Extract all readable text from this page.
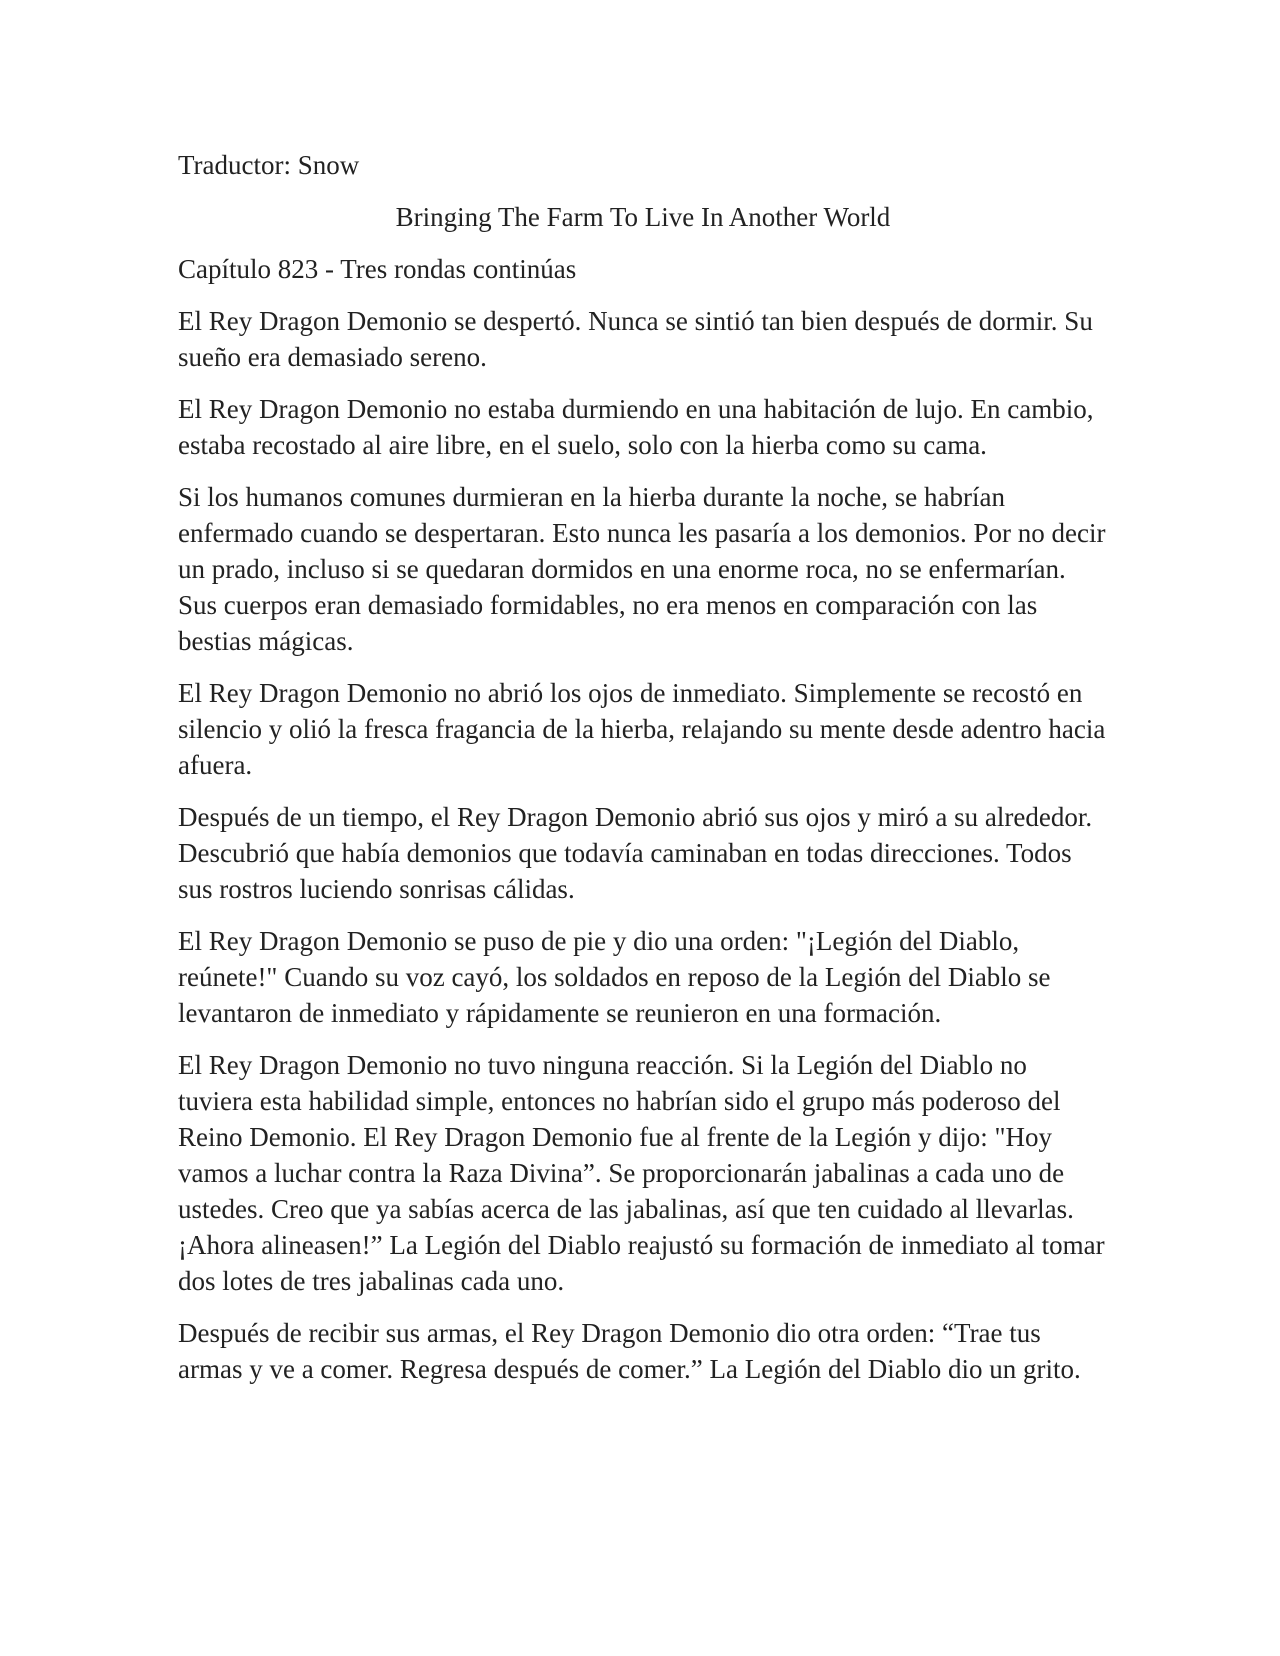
Traductor: Snow

Bringing The Farm To Live In Another World

Capítulo 823 - Tres rondas continúas

El Rey Dragon Demonio se despertó. Nunca se sintió tan bien después de dormir. Su sueño era demasiado sereno.

El Rey Dragon Demonio no estaba durmiendo en una habitación de lujo. En cambio, estaba recostado al aire libre, en el suelo, solo con la hierba como su cama.

Si los humanos comunes durmieran en la hierba durante la noche, se habrían enfermado cuando se despertaran. Esto nunca les pasaría a los demonios. Por no decir un prado, incluso si se quedaran dormidos en una enorme roca, no se enfermarían. Sus cuerpos eran demasiado formidables, no era menos en comparación con las bestias mágicas.

El Rey Dragon Demonio no abrió los ojos de inmediato. Simplemente se recostó en silencio y olió la fresca fragancia de la hierba, relajando su mente desde adentro hacia afuera.

Después de un tiempo, el Rey Dragon Demonio abrió sus ojos y miró a su alrededor. Descubrió que había demonios que todavía caminaban en todas direcciones. Todos sus rostros luciendo sonrisas cálidas.

El Rey Dragon Demonio se puso de pie y dio una orden: "¡Legión del Diablo, reúnete!" Cuando su voz cayó, los soldados en reposo de la Legión del Diablo se levantaron de inmediato y rápidamente se reunieron en una formación.

El Rey Dragon Demonio no tuvo ninguna reacción. Si la Legión del Diablo no tuviera esta habilidad simple, entonces no habrían sido el grupo más poderoso del Reino Demonio. El Rey Dragon Demonio fue al frente de la Legión y dijo: "Hoy vamos a luchar contra la Raza Divina”. Se proporcionarán jabalinas a cada uno de ustedes. Creo que ya sabías acerca de las jabalinas, así que ten cuidado al llevarlas. ¡Ahora alineasen!” La Legión del Diablo reajustó su formación de inmediato al tomar dos lotes de tres jabalinas cada uno.

Después de recibir sus armas, el Rey Dragon Demonio dio otra orden: “Trae tus armas y ve a comer. Regresa después de comer.” La Legión del Diablo dio un grito.
